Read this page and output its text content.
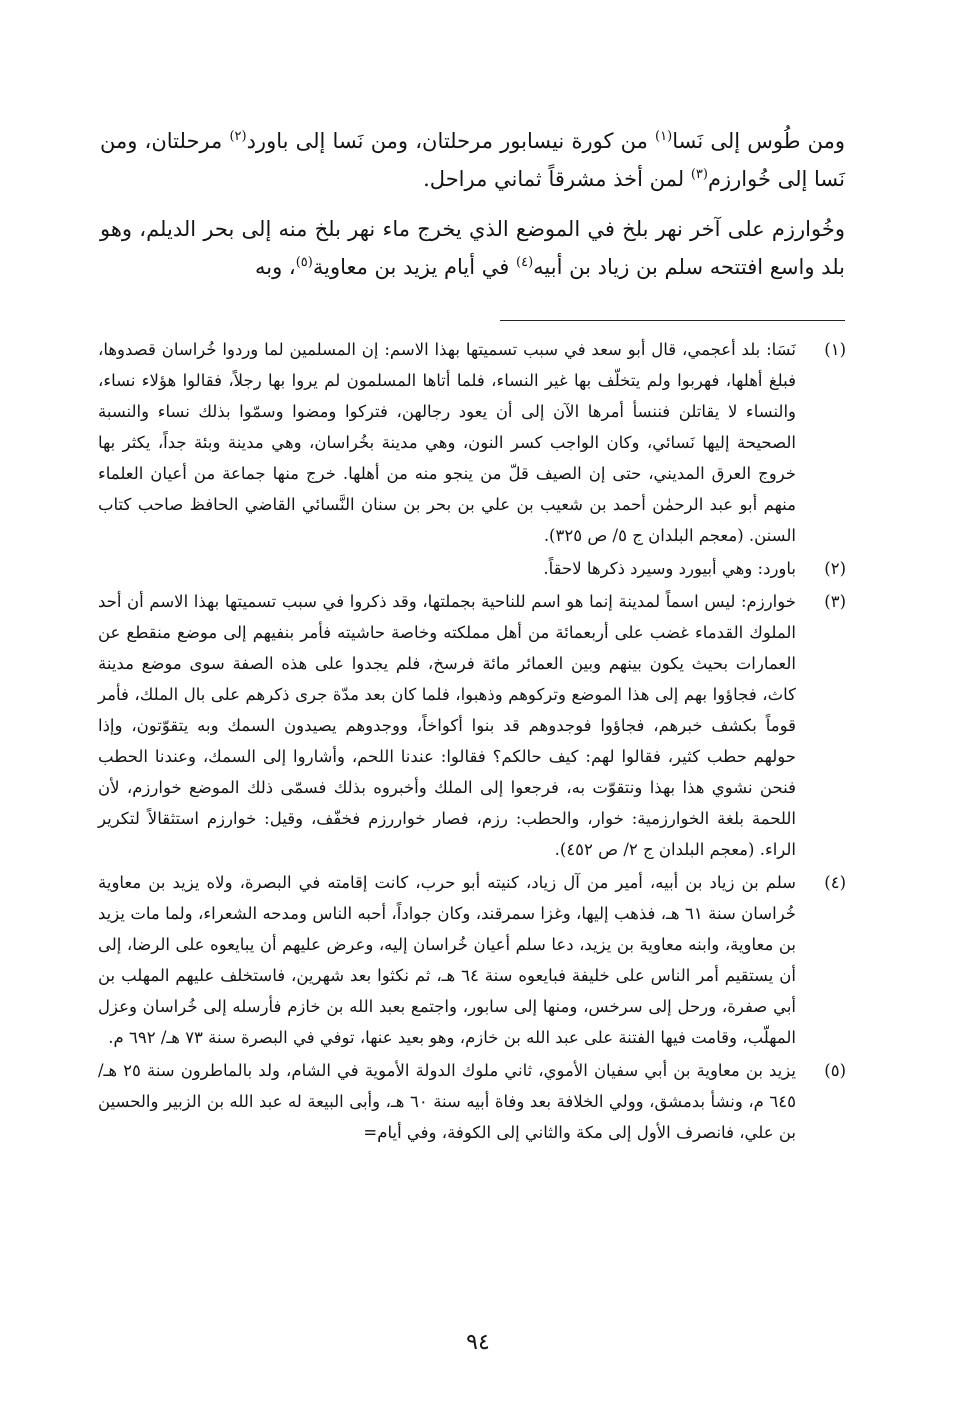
ومن طُوس إلى نَسا$^{(١)}$ من كورة نيسابور مرحلتان، ومن نَسا إلى باورد$^{(٢)}$ مرحلتان، ومن نَسا إلى خُوارزم$^{(٣)}$ لمن أخذ مشرقاً ثماني مراحل.

وخُوارزم على آخر نهر بلخ في الموضع الذي يخرج ماء نهر بلخ منه إلى بحر الديلم، وهو بلد واسع افتتحه سلم بن زياد بن أبيه$^{(٤)}$ في أيام يزيد بن معاوية$^{(٥)}$، وبه

(١)
نَسَا: بلد أعجمي، قال أبو سعد في سبب تسميتها بهذا الاسم: إن المسلمين لما وردوا خُراسان قصدوها، فبلغ أهلها، فهربوا ولم يتخلّف بها غير النساء، فلما أتاها المسلمون لم يروا بها رجلاً، فقالوا هؤلاء نساء، والنساء لا يقاتلن فننسأ أمرها الآن إلى أن يعود رجالهن، فتركوا ومضوا وسمّوا بذلك نساء والنسبة الصحيحة إليها نَسائي، وكان الواجب كسر النون، وهي مدينة بخُراسان، وهي مدينة وبئة جداً، يكثر بها خروج العرق المديني، حتى إن الصيف قلّ من ينجو منه من أهلها. خرج منها جماعة من أعيان العلماء منهم أبو عبد الرحمٰن أحمد بن شعيب بن علي بن بحر بن سنان النَّسائي القاضي الحافظ صاحب كتاب السنن. (معجم البلدان ج ٥/ ص ٣٢٥).
(٢)
باورد: وهي أبيورد وسيرد ذكرها لاحقاً.
(٣)
خوارزم: ليس اسماً لمدينة إنما هو اسم للناحية بجملتها، وقد ذكروا في سبب تسميتها بهذا الاسم أن أحد الملوك القدماء غضب على أربعمائة من أهل مملكته وخاصة حاشيته فأمر بنفيهم إلى موضع منقطع عن العمارات بحيث يكون بينهم وبين العمائر مائة فرسخ، فلم يجدوا على هذه الصفة سوى موضع مدينة كاث، فجاؤوا بهم إلى هذا الموضع وتركوهم وذهبوا، فلما كان بعد مدّة جرى ذكرهم على بال الملك، فأمر قوماً بكشف خبرهم، فجاؤوا فوجدوهم قد بنوا أكواخاً، ووجدوهم يصيدون السمك وبه يتقوّتون، وإذا حولهم حطب كثير، فقالوا لهم: كيف حالكم؟ فقالوا: عندنا اللحم، وأشاروا إلى السمك، وعندنا الحطب فنحن نشوي هذا بهذا ونتقوّت به، فرجعوا إلى الملك وأخبروه بذلك فسمّى ذلك الموضع خوارزم، لأن اللحمة بلغة الخوارزمية: خوار، والحطب: رزم، فصار خواررزم فخفّف، وقيل: خوارزم استثقالاً لتكرير الراء. (معجم البلدان ج ٢/ ص ٤٥٢).
(٤)
سلم بن زياد بن أبيه، أمير من آل زياد، كنيته أبو حرب، كانت إقامته في البصرة، ولاه يزيد بن معاوية خُراسان سنة ٦١ هـ، فذهب إليها، وغزا سمرقند، وكان جواداً، أحبه الناس ومدحه الشعراء، ولما مات يزيد بن معاوية، وابنه معاوية بن يزيد، دعا سلم أعيان خُراسان إليه، وعرض عليهم أن يبايعوه على الرضا، إلى أن يستقيم أمر الناس على خليفة فبايعوه سنة ٦٤ هـ، ثم نكثوا بعد شهرين، فاستخلف عليهم المهلب بن أبي صفرة، ورحل إلى سرخس، ومنها إلى سابور، واجتمع بعبد الله بن خازم فأرسله إلى خُراسان وعزل المهلّب، وقامت فيها الفتنة على عبد الله بن خازم، وهو بعيد عنها، توفي في البصرة سنة ٧٣ هـ/ ٦٩٢ م.
(٥)
يزيد بن معاوية بن أبي سفيان الأموي، ثاني ملوك الدولة الأموية في الشام، ولد بالماطرون سنة ٢٥ هـ/ ٦٤٥ م، ونشأ بدمشق، وولي الخلافة بعد وفاة أبيه سنة ٦٠ هـ، وأبى البيعة له عبد الله بن الزبير والحسين بن علي، فانصرف الأول إلى مكة والثاني إلى الكوفة، وفي أيام=
٩٤
